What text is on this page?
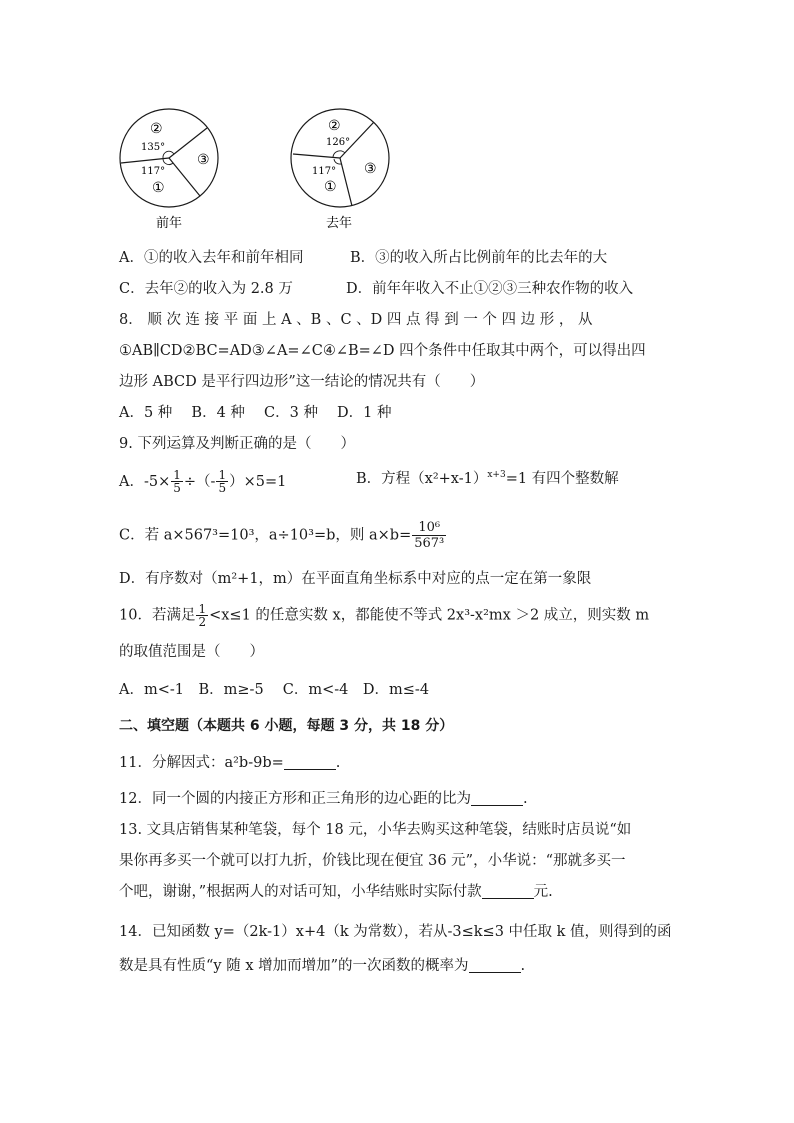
②
135°
117°
①
③
前年
②
126°
117°
①
③
去年
A．①的收入去年和前年相同	B．③的收入所占比例前年的比去年的大
C．去年②的收入为 2.8 万	D．前年年收入不止①②③三种农作物的收入
8． 顺 次 连 接 平 面 上 A 、B 、C 、D 四 点 得 到 一 个 四 边 形 ， 从
①AB∥CD②BC=AD③∠A=∠C④∠B=∠D 四个条件中任取其中两个，可以得出四
边形 ABCD 是平行四边形”这一结论的情况共有（　　）
A．5 种　 B．4 种　 C．3 种　 D．1 种
9. 下列运算及判断正确的是（　　）
A．$-5\times \frac{1}{5}$ ÷（- $\frac{1}{5} )\times 5=1$	B．方程$(x^2+x-1)^{x+3}=1$ 有四个整数解
C．若 a×567³=10³，a÷10³=b，则 $a\times b= \frac{\text{10⁶}}{\text{567³}}$
D．有序数对（m²+1，m）在平面直角坐标系中对应的点一定在第一象限
10．若满足 $\frac{1}{2} <x\le 1$ 的任意实数 x，都能使不等式 2x³-x²mx ＞2 成立，则实数 m
的取值范围是（　　）
A．m<-1　B．m≥-5　 C．m<-4　D．m≤-4
二、填空题（本题共 6 小题，每题 3 分，共 18 分）
11．分解因式：a²b-9b=	.
12．同一个圆的内接正方形和正三角形的边心距的比为	.
13. 文具店销售某种笔袋，每个 18 元，小华去购买这种笔袋，结账时店员说“如
果你再多买一个就可以打九折，价钱比现在便宜 36 元”，小华说：“那就多买一
个吧，谢谢，”根据两人的对话可知，小华结账时实际付款	元.
14．已知函数 y=（2k-1）x+4（k 为常数），若从-3≤k≤3 中任取 k 值，则得到的函
数是具有性质“y 随 x 增加而增加”的一次函数的概率为	.
